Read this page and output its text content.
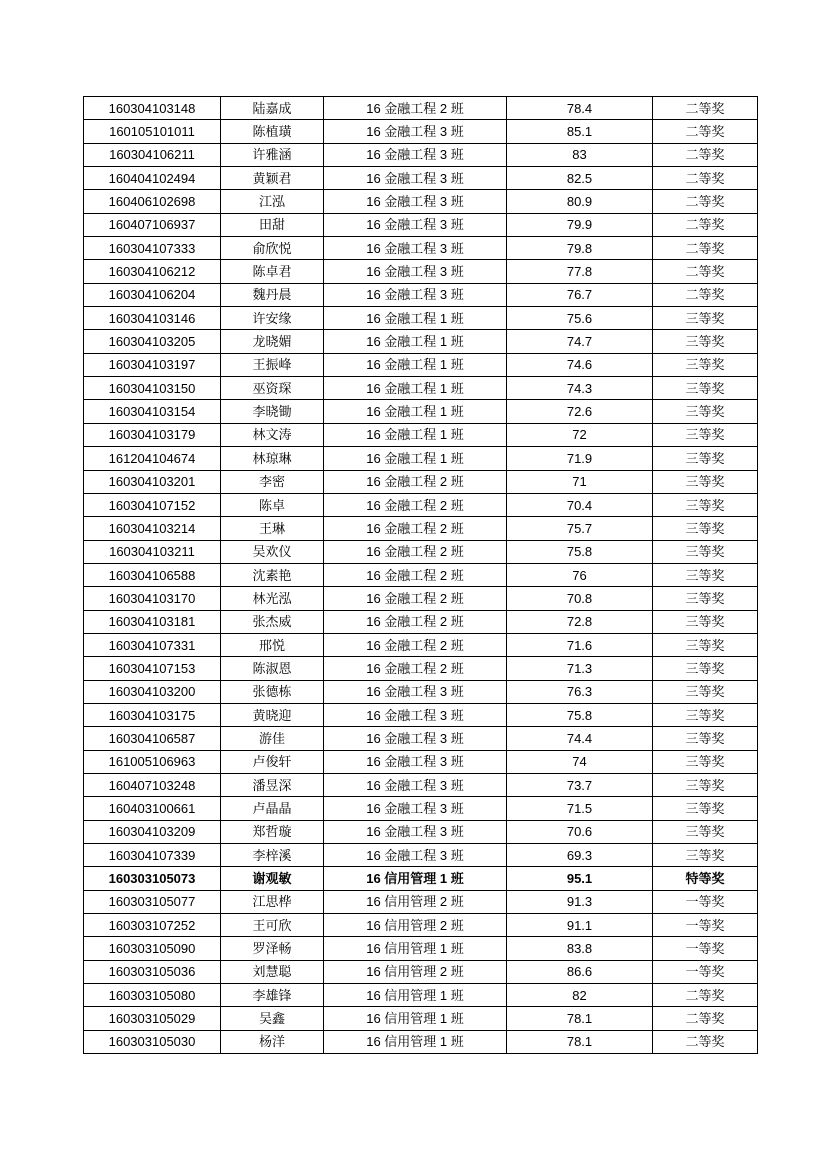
160304103148	陆嘉成	16 金融工程 2 班	78.4	二等奖
160105101011	陈植璜	16 金融工程 3 班	85.1	二等奖
160304106211	许雅涵	16 金融工程 3 班	83	二等奖
160404102494	黄颖君	16 金融工程 3 班	82.5	二等奖
160406102698	江泓	16 金融工程 3 班	80.9	二等奖
160407106937	田甜	16 金融工程 3 班	79.9	二等奖
160304107333	俞欣悦	16 金融工程 3 班	79.8	二等奖
160304106212	陈卓君	16 金融工程 3 班	77.8	二等奖
160304106204	魏丹晨	16 金融工程 3 班	76.7	二等奖
160304103146	许安缘	16 金融工程 1 班	75.6	三等奖
160304103205	龙晓媚	16 金融工程 1 班	74.7	三等奖
160304103197	王振峰	16 金融工程 1 班	74.6	三等奖
160304103150	巫资琛	16 金融工程 1 班	74.3	三等奖
160304103154	李晓锄	16 金融工程 1 班	72.6	三等奖
160304103179	林文涛	16 金融工程 1 班	72	三等奖
161204104674	林琼琳	16 金融工程 1 班	71.9	三等奖
160304103201	李密	16 金融工程 2 班	71	三等奖
160304107152	陈卓	16 金融工程 2 班	70.4	三等奖
160304103214	王琳	16 金融工程 2 班	75.7	三等奖
160304103211	吴欢仪	16 金融工程 2 班	75.8	三等奖
160304106588	沈素艳	16 金融工程 2 班	76	三等奖
160304103170	林光泓	16 金融工程 2 班	70.8	三等奖
160304103181	张杰威	16 金融工程 2 班	72.8	三等奖
160304107331	邢悦	16 金融工程 2 班	71.6	三等奖
160304107153	陈淑恩	16 金融工程 2 班	71.3	三等奖
160304103200	张德栋	16 金融工程 3 班	76.3	三等奖
160304103175	黄晓迎	16 金融工程 3 班	75.8	三等奖
160304106587	游佳	16 金融工程 3 班	74.4	三等奖
161005106963	卢俊轩	16 金融工程 3 班	74	三等奖
160407103248	潘昱深	16 金融工程 3 班	73.7	三等奖
160403100661	卢晶晶	16 金融工程 3 班	71.5	三等奖
160304103209	郑哲璇	16 金融工程 3 班	70.6	三等奖
160304107339	李梓溪	16 金融工程 3 班	69.3	三等奖
160303105073	谢观敏	16 信用管理 1 班	95.1	特等奖
160303105077	江思桦	16 信用管理 2 班	91.3	一等奖
160303107252	王可欣	16 信用管理 2 班	91.1	一等奖
160303105090	罗泽畅	16 信用管理 1 班	83.8	一等奖
160303105036	刘慧聪	16 信用管理 2 班	86.6	一等奖
160303105080	李雄锋	16 信用管理 1 班	82	二等奖
160303105029	吴鑫	16 信用管理 1 班	78.1	二等奖
160303105030	杨洋	16 信用管理 1 班	78.1	二等奖
